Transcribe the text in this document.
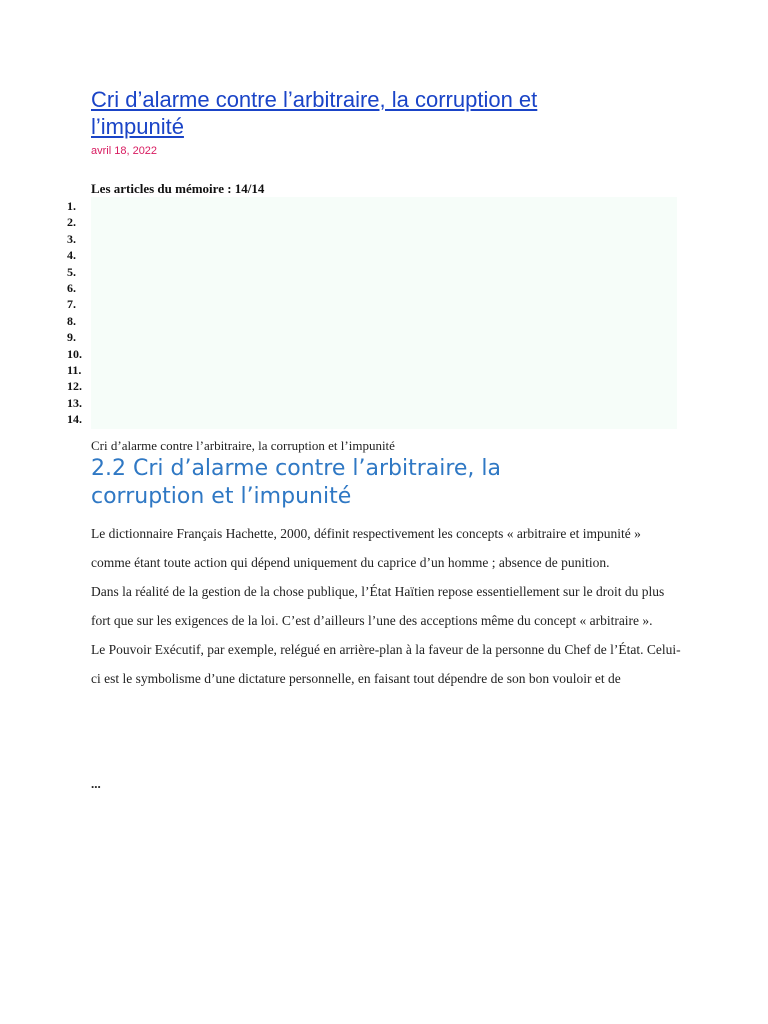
Cri d’alarme contre l’arbitraire, la corruption et l’impunité
avril 18, 2022
Les articles du mémoire : 14/14
1.
2.
3.
4.
5.
6.
7.
8.
9.
10.
11.
12.
13.
14.
Cri d’alarme contre l’arbitraire, la corruption et l’impunité
2.2 Cri d’alarme contre l’arbitraire, la corruption et l’impunité

Le dictionnaire Français Hachette, 2000, définit respectivement les concepts « arbitraire et impunité » comme étant toute action qui dépend uniquement du caprice d’un homme ; absence de punition.

Dans la réalité de la gestion de la chose publique, l’État Haïtien repose essentiellement sur le droit du plus fort que sur les exigences de la loi. C’est d’ailleurs l’une des acceptions même du concept « arbitraire ».

Le Pouvoir Exécutif, par exemple, relégué en arrière-plan à la faveur de la personne du Chef de l’État. Celui-ci est le symbolisme d’une dictature personnelle, en faisant tout dépendre de son bon vouloir et de

...
